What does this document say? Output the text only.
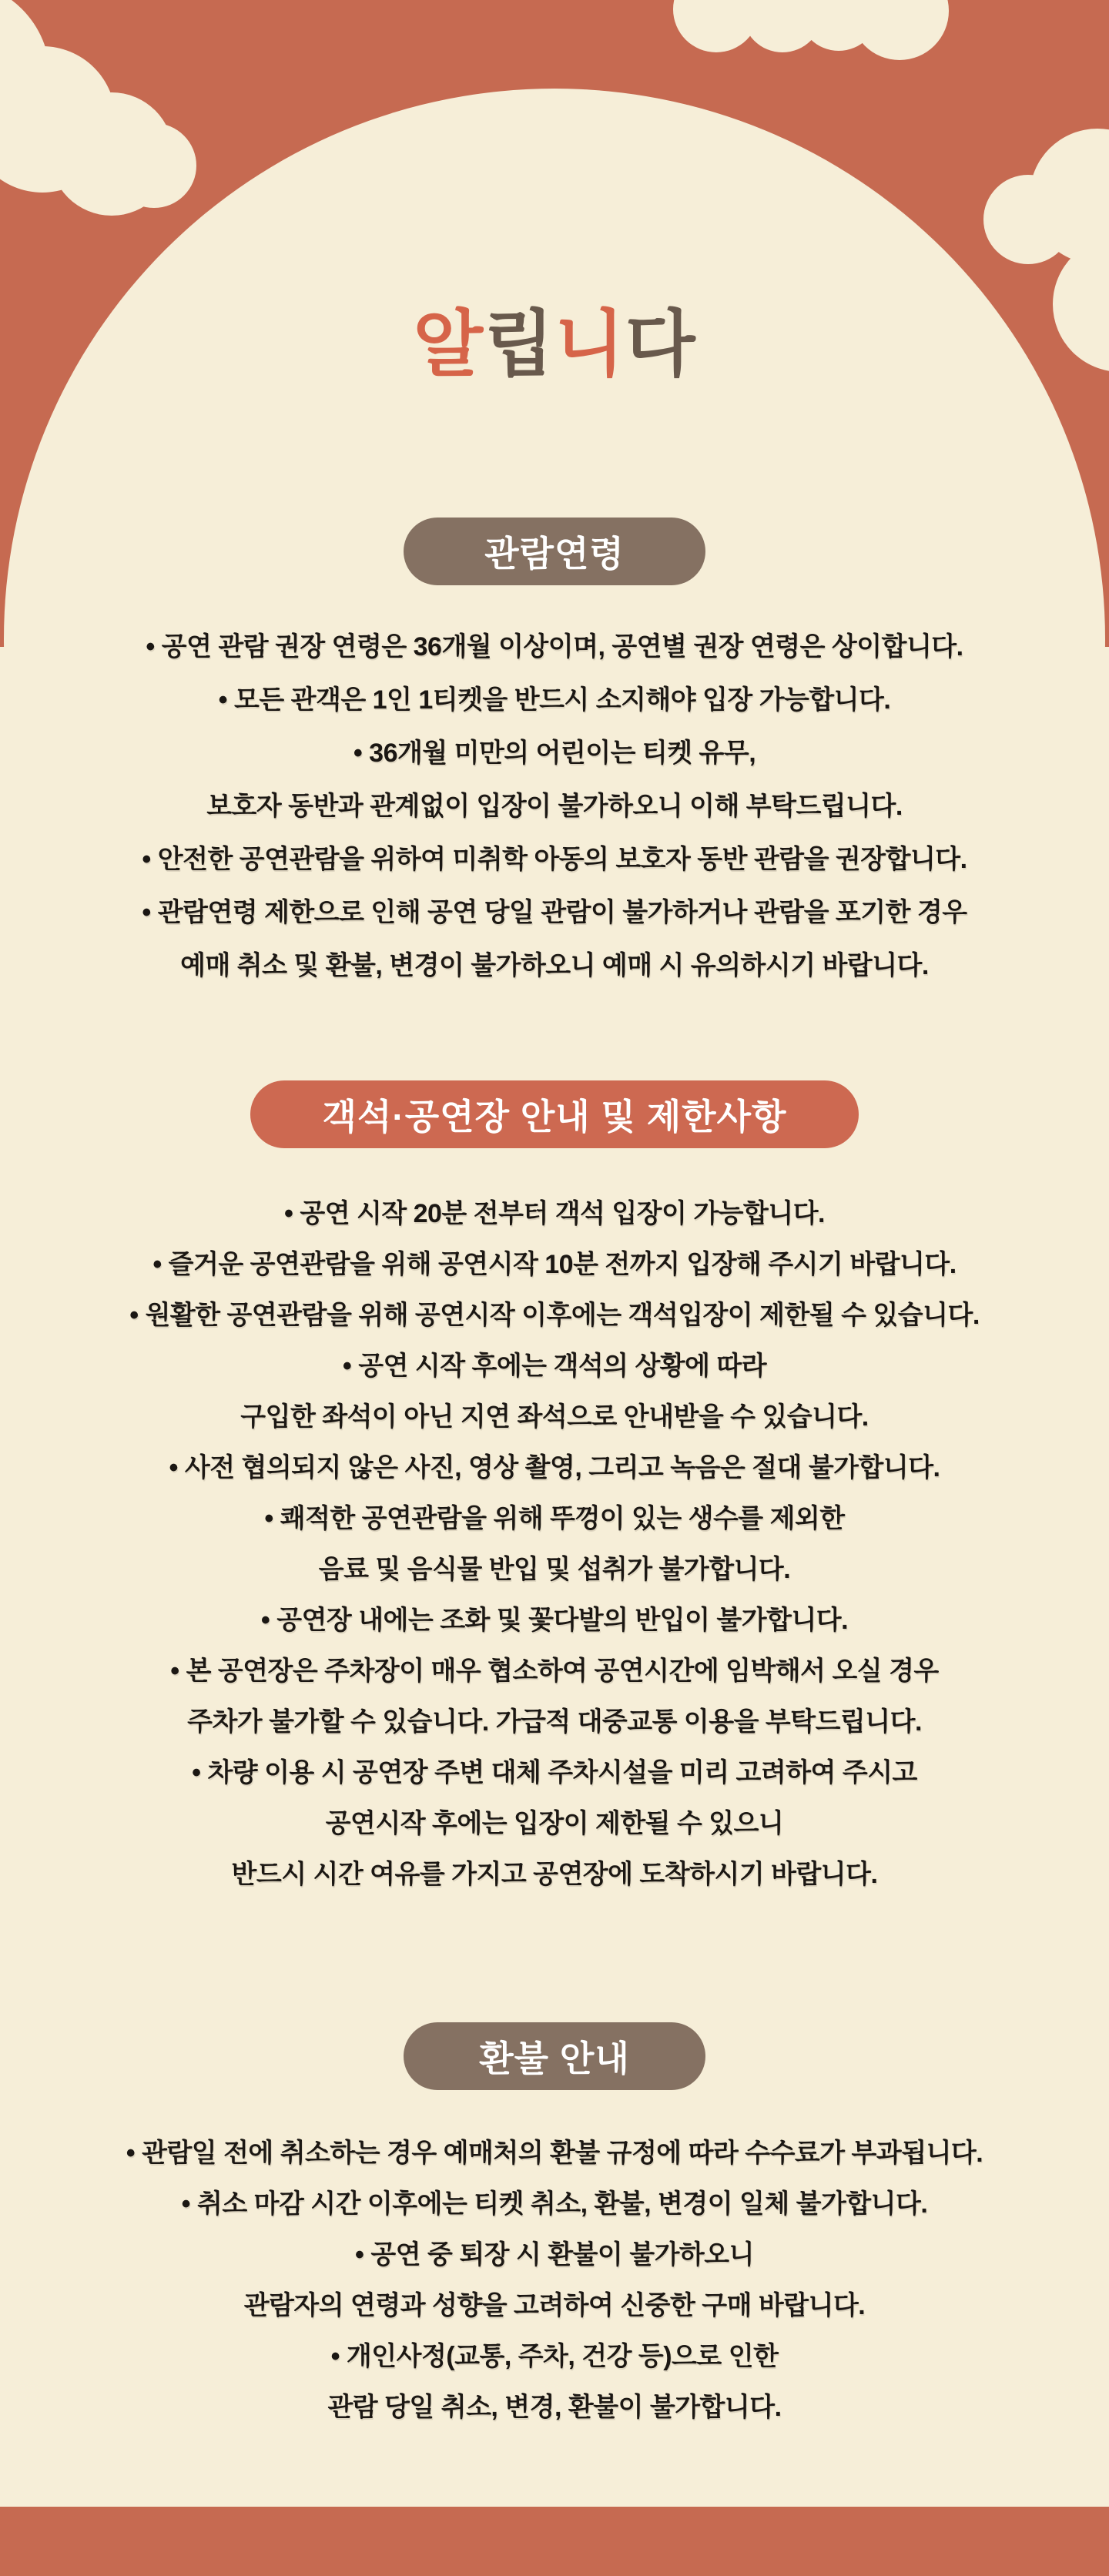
알립니다
관람연령

• 공연 관람 권장 연령은 36개월 이상이며, 공연별 권장 연령은 상이합니다.

• 모든 관객은 1인 1티켓을 반드시 소지해야 입장 가능합니다.

• 36개월 미만의 어린이는 티켓 유무,

보호자 동반과 관계없이 입장이 불가하오니 이해 부탁드립니다.

• 안전한 공연관람을 위하여 미취학 아동의 보호자 동반 관람을 권장합니다.

• 관람연령 제한으로 인해 공연 당일 관람이 불가하거나 관람을 포기한 경우

예매 취소 및 환불, 변경이 불가하오니 예매 시 유의하시기 바랍니다.

객석·공연장 안내 및 제한사항

• 공연 시작 20분 전부터 객석 입장이 가능합니다.

• 즐거운 공연관람을 위해 공연시작 10분 전까지 입장해 주시기 바랍니다.

• 원활한 공연관람을 위해 공연시작 이후에는 객석입장이 제한될 수 있습니다.

• 공연 시작 후에는 객석의 상황에 따라

구입한 좌석이 아닌 지연 좌석으로 안내받을 수 있습니다.

• 사전 협의되지 않은 사진, 영상 촬영, 그리고 녹음은 절대 불가합니다.

• 쾌적한 공연관람을 위해 뚜껑이 있는 생수를 제외한

음료 및 음식물 반입 및 섭취가 불가합니다.

• 공연장 내에는 조화 및 꽃다발의 반입이 불가합니다.

• 본 공연장은 주차장이 매우 협소하여 공연시간에 임박해서 오실 경우

주차가 불가할 수 있습니다. 가급적 대중교통 이용을 부탁드립니다.

• 차량 이용 시 공연장 주변 대체 주차시설을 미리 고려하여 주시고

공연시작 후에는 입장이 제한될 수 있으니

반드시 시간 여유를 가지고 공연장에 도착하시기 바랍니다.

환불 안내

• 관람일 전에 취소하는 경우 예매처의 환불 규정에 따라 수수료가 부과됩니다.

• 취소 마감 시간 이후에는 티켓 취소, 환불, 변경이 일체 불가합니다.

• 공연 중 퇴장 시 환불이 불가하오니

관람자의 연령과 성향을 고려하여 신중한 구매 바랍니다.

• 개인사정(교통, 주차, 건강 등)으로 인한

관람 당일 취소, 변경, 환불이 불가합니다.
